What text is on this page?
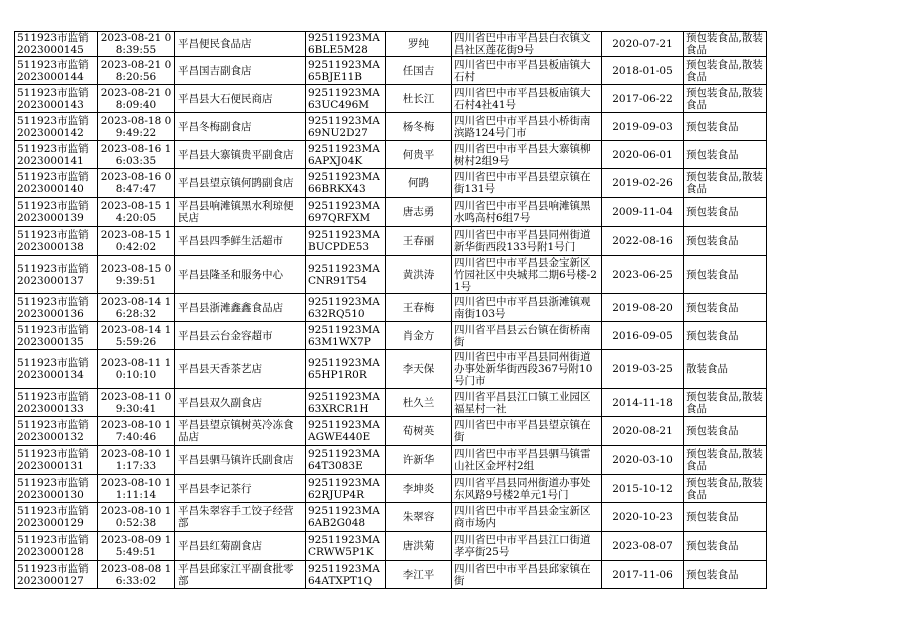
511923市监销2023000145	2023-08-21 08:39:55	平昌便民食品店	92511923MA6BLE5M28	罗纯	四川省巴中市平昌县白衣镇文昌社区莲花街9号	2020-07-21	预包装食品,散装食品
511923市监销2023000144	2023-08-21 08:20:56	平昌国吉副食店	92511923MA65BJE11B	任国吉	四川省巴中市平昌县板庙镇大石村	2018-01-05	预包装食品,散装食品
511923市监销2023000143	2023-08-21 08:09:40	平昌县大石便民商店	92511923MA63UC496M	杜长江	四川省巴中市平昌县板庙镇大石村4社41号	2017-06-22	预包装食品,散装食品
511923市监销2023000142	2023-08-18 09:49:22	平昌冬梅副食店	92511923MA69NU2D27	杨冬梅	四川省巴中市平昌县小桥街南滨路124号门市	2019-09-03	预包装食品
511923市监销2023000141	2023-08-16 16:03:35	平昌县大寨镇贵平副食店	92511923MA6APXJ04K	何贵平	四川省巴中市平昌县大寨镇柳树村2组9号	2020-06-01	预包装食品
511923市监销2023000140	2023-08-16 08:47:47	平昌县望京镇何鹍副食店	92511923MA66BRKX43	何鹍	四川省巴中市平昌县望京镇在街131号	2019-02-26	预包装食品,散装食品
511923市监销2023000139	2023-08-15 14:20:05	平昌县响滩镇黑水利琼便民店	92511923MA697QRFXM	唐志勇	四川省巴中市平昌县响滩镇黑水鸣高村6组7号	2009-11-04	预包装食品
511923市监销2023000138	2023-08-15 10:42:02	平昌县四季鲜生活超市	92511923MABUCPDE53	王春丽	四川省巴中市平昌县同州街道新华街西段133号附1号门	2022-08-16	预包装食品
511923市监销2023000137	2023-08-15 09:39:51	平昌县隆圣和服务中心	92511923MACNR91T54	黄洪涛	四川省巴中市平昌县金宝新区竹园社区中央城邦二期6号楼-21号	2023-06-25	预包装食品
511923市监销2023000136	2023-08-14 16:28:32	平昌县浙滩鑫鑫食品店	92511923MA632RQ510	王春梅	四川省巴中市平昌县浙滩镇观南街103号	2019-08-20	预包装食品
511923市监销2023000135	2023-08-14 15:59:26	平昌县云台金容超市	92511923MA63M1WX7P	肖金方	四川省平昌县云台镇在街桥南街	2016-09-05	预包装食品
511923市监销2023000134	2023-08-11 10:10:10	平昌县天香茶艺店	92511923MA65HP1R0R	李天保	四川省巴中市平昌县同州街道办事处新华街西段367号附10号门市	2019-03-25	散装食品
511923市监销2023000133	2023-08-11 09:30:41	平昌县双久副食店	92511923MA63XRCR1H	杜久兰	四川省平昌县江口镇工业园区福星村一社	2014-11-18	预包装食品,散装食品
511923市监销2023000132	2023-08-10 17:40:46	平昌县望京镇树英冷冻食品店	92511923MAAGWE440E	荀树英	四川省巴中市平昌县望京镇在街	2020-08-21	预包装食品
511923市监销2023000131	2023-08-10 11:17:33	平昌县驷马镇许氏副食店	92511923MA64T3083E	许新华	四川省巴中市平昌县驷马镇雷山社区金坪村2组	2020-03-10	预包装食品,散装食品
511923市监销2023000130	2023-08-10 11:11:14	平昌县李记茶行	92511923MA62RJUP4R	李坤炎	四川省平昌县同州街道办事处东风路9号楼2单元1号门	2015-10-12	预包装食品,散装食品
511923市监销2023000129	2023-08-10 10:52:38	平昌朱翠容手工饺子经营部	92511923MA6AB2G048	朱翠容	四川省巴中市平昌县金宝新区商市场内	2020-10-23	预包装食品
511923市监销2023000128	2023-08-09 15:49:51	平昌县红菊副食店	92511923MACRWW5P1K	唐洪菊	四川省巴中市平昌县江口街道孝亭街25号	2023-08-07	预包装食品
511923市监销2023000127	2023-08-08 16:33:02	平昌县邱家江平副食批零部	92511923MA64ATXPT1Q	李江平	四川省巴中市平昌县邱家镇在街	2017-11-06	预包装食品
